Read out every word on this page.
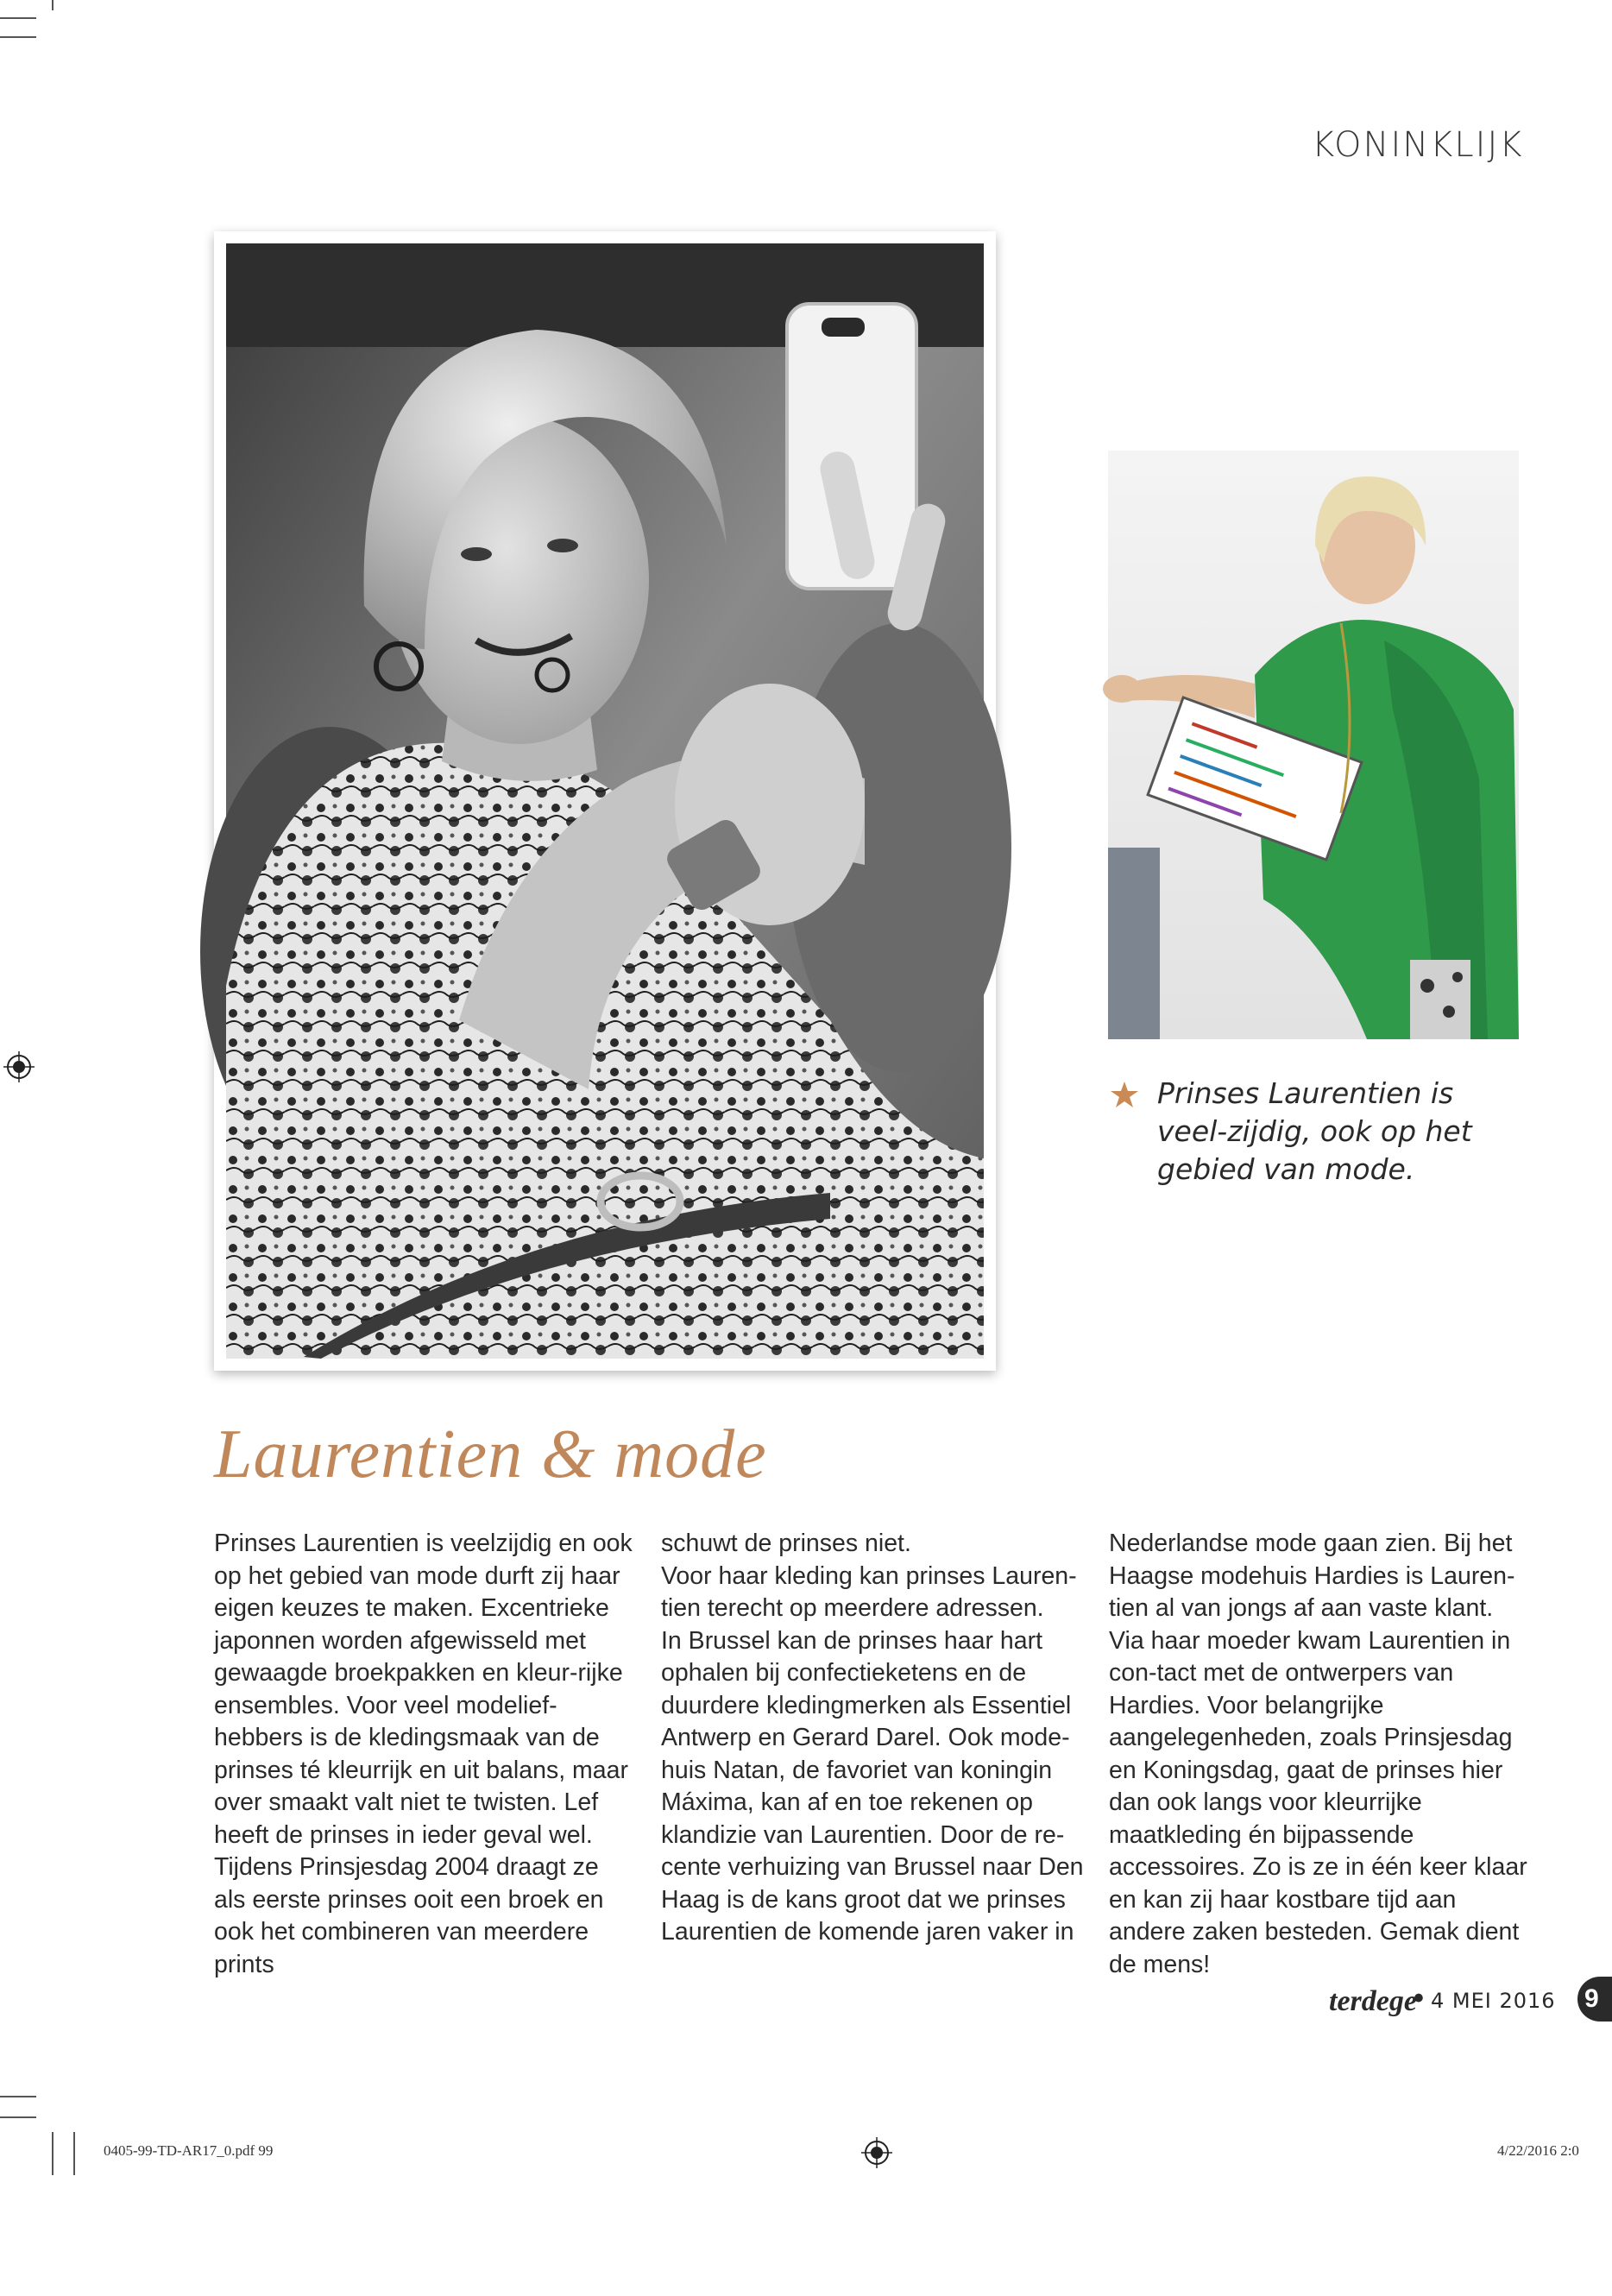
KONINKLIJK
Prinses Laurentien is veel-zijdig, ook op het gebied van mode.
Laurentien & mode

Prinses Laurentien is veelzijdig en ook op het gebied van mode durft zij haar eigen keuzes te maken. Excentrieke japonnen worden afgewisseld met gewaagde broekpakken en kleur-rijke ensembles. Voor veel modelief-hebbers is de kledingsmaak van de prinses té kleurrijk en uit balans, maar over smaakt valt niet te twisten. Lef heeft de prinses in ieder geval wel. Tijdens Prinsjesdag 2004 draagt ze als eerste prinses ooit een broek en ook het combineren van meerdere prints

schuwt de prinses niet.

Voor haar kleding kan prinses Lauren-tien terecht op meerdere adressen.

In Brussel kan de prinses haar hart ophalen bij confectieketens en de duurdere kledingmerken als Essentiel Antwerp en Gerard Darel. Ook mode-huis Natan, de favoriet van koningin Máxima, kan af en toe rekenen op klandizie van Laurentien. Door de re-cente verhuizing van Brussel naar Den Haag is de kans groot dat we prinses Laurentien de komende jaren vaker in

Nederlandse mode gaan zien. Bij het Haagse modehuis Hardies is Lauren-tien al van jongs af aan vaste klant. Via haar moeder kwam Laurentien in con-tact met de ontwerpers van Hardies. Voor belangrijke aangelegenheden, zoals Prinsjesdag en Koningsdag, gaat de prinses hier dan ook langs voor kleurrijke maatkleding én bijpassende accessoires. Zo is ze in één keer klaar en kan zij haar kostbare tijd aan andere zaken besteden. Gemak dient de mens!

terdege
• 4 MEI 2016 9
0405-99-TD-AR17_0.pdf 99	4/22/2016 2:0
